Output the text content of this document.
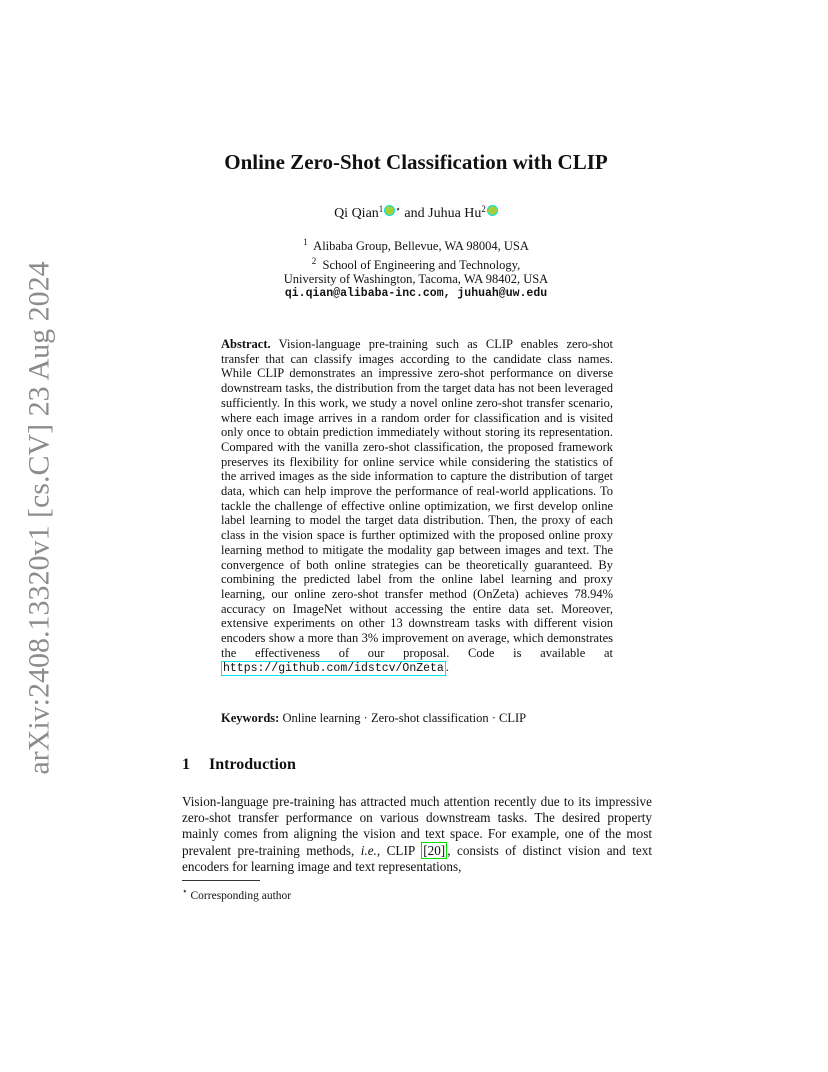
arXiv:2408.13320v1 [cs.CV] 23 Aug 2024
Online Zero-Shot Classification with CLIP
Qi Qian$^1$ ⋆ and Juhua Hu$^2$
$^1$ Alibaba Group, Bellevue, WA 98004, USA
$^2$ School of Engineering and Technology,
University of Washington, Tacoma, WA 98402, USA
qi.qian@alibaba-inc.com, juhuah@uw.edu
Abstract. Vision-language pre-training such as CLIP enables zero-shot transfer that can classify images according to the candidate class names. While CLIP demonstrates an impressive zero-shot performance on diverse downstream tasks, the distribution from the target data has not been leveraged sufficiently. In this work, we study a novel online zero-shot transfer scenario, where each image arrives in a random order for classification and is visited only once to obtain prediction immediately without storing its representation. Compared with the vanilla zero-shot classification, the proposed framework preserves its flexibility for online service while considering the statistics of the arrived images as the side information to capture the distribution of target data, which can help improve the performance of real-world applications. To tackle the challenge of effective online optimization, we first develop online label learning to model the target data distribution. Then, the proxy of each class in the vision space is further optimized with the proposed online proxy learning method to mitigate the modality gap between images and text. The convergence of both online strategies can be theoretically guaranteed. By combining the predicted label from the online label learning and proxy learning, our online zero-shot transfer method (OnZeta) achieves 78.94% accuracy on ImageNet without accessing the entire data set. Moreover, extensive experiments on other 13 downstream tasks with different vision encoders show a more than 3% improvement on average, which demonstrates the effectiveness of our proposal. Code is available at https://github.com/idstcv/OnZeta .
Keywords: Online learning · Zero-shot classification · CLIP
1 Introduction
Vision-language pre-training has attracted much attention recently due to its impressive zero-shot transfer performance on various downstream tasks. The desired property mainly comes from aligning the vision and text space. For example, one of the most prevalent pre-training methods, i.e., CLIP [20] , consists of distinct vision and text encoders for learning image and text representations,
⋆ Corresponding author
